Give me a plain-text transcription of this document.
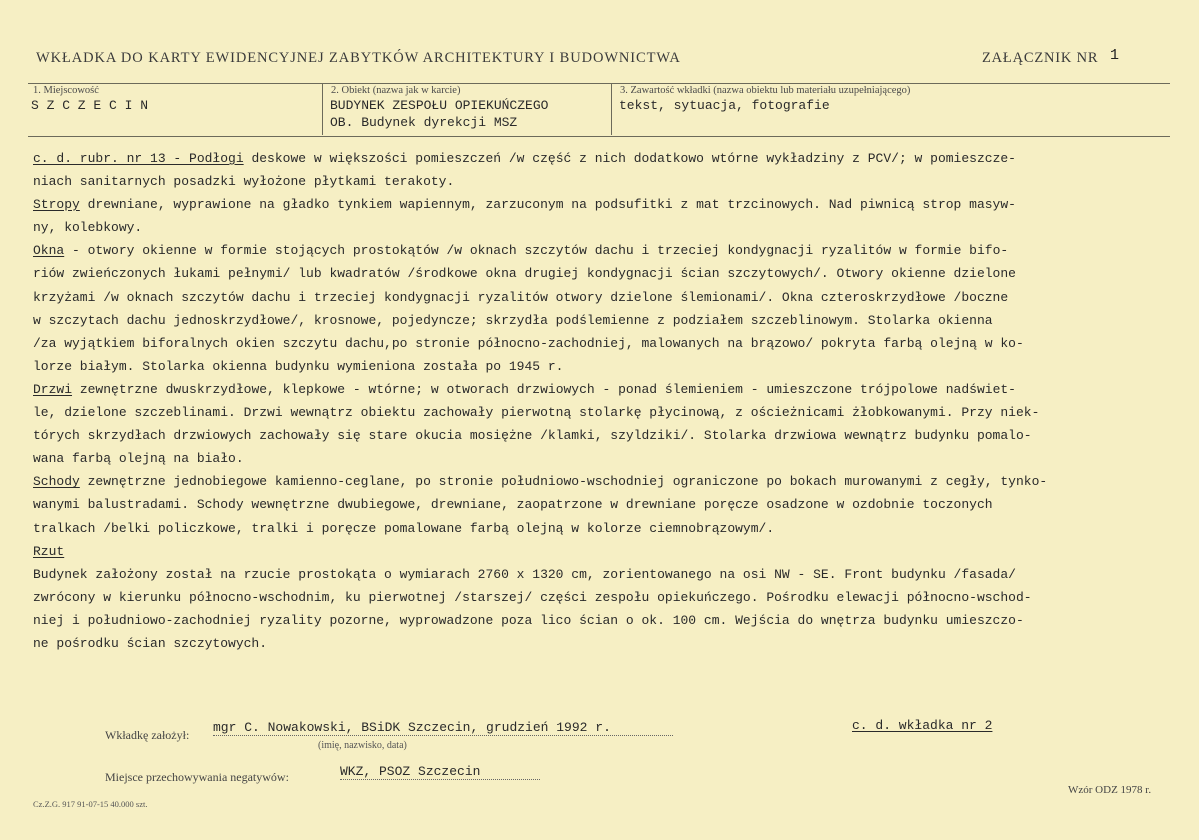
WKŁADKA DO KARTY EWIDENCYJNEJ ZABYTKÓW ARCHITEKTURY I BUDOWNICTWA	ZAŁĄCZNIK NR 1
1. Miejscowość
S Z C Z E C I N
2. Obiekt (nazwa jak w karcie)
BUDYNEK ZESPOŁU OPIEKUŃCZEGO
OB. Budynek dyrekcji MSZ
3. Zawartość wkładki (nazwa obiektu lub materiału uzupełniającego)
tekst, sytuacja, fotografie
c. d. rubr. nr 13 - Podłogi deskowe w większości pomieszczeń /w część z nich dodatkowo wtórne wykładziny z PCV/; w pomieszcze-
niach sanitarnych posadzki wyłożone płytkami terakoty.
Stropy drewniane, wyprawione na gładko tynkiem wapiennym, zarzuconym na podsufitki z mat trzcinowych. Nad piwnicą strop masyw-
ny, kolebkowy.
Okna - otwory okienne w formie stojących prostokątów /w oknach szczytów dachu i trzeciej kondygnacji ryzalitów w formie bifo-
riów zwieńczonych łukami pełnymi/ lub kwadratów /środkowe okna drugiej kondygnacji ścian szczytowych/. Otwory okienne dzielone
krzyżami /w oknach szczytów dachu i trzeciej kondygnacji ryzalitów otwory dzielone ślemionami/. Okna czteroskrzydłowe /boczne
w szczytach dachu jednoskrzydłowe/, krosnowe, pojedyncze; skrzydła podślemienne z podziałem szczeblinowym. Stolarka okienna
/za wyjątkiem biforalnych okien szczytu dachu,po stronie północno-zachodniej, malowanych na brązowo/ pokryta farbą olejną w ko-
lorze białym. Stolarka okienna budynku wymieniona została po 1945 r.
Drzwi zewnętrzne dwuskrzydłowe, klepkowe - wtórne; w otworach drzwiowych - ponad ślemieniem - umieszczone trójpolowe nadświet-
le, dzielone szczeblinami. Drzwi wewnątrz obiektu zachowały pierwotną stolarkę płycinową, z ościeżnicami żłobkowanymi. Przy niek-
tórych skrzydłach drzwiowych zachowały się stare okucia mosiężne /klamki, szyldziki/. Stolarka drzwiowa wewnątrz budynku pomalo-
wana farbą olejną na biało.
Schody zewnętrzne jednobiegowe kamienno-ceglane, po stronie południowo-wschodniej ograniczone po bokach murowanymi z cegły, tynko-
wanymi balustradami. Schody wewnętrzne dwubiegowe, drewniane, zaopatrzone w drewniane poręcze osadzone w ozdobnie toczonych
tralkach /belki policzkowe, tralki i poręcze pomalowane farbą olejną w kolorze ciemnobrązowym/.
Rzut
Budynek założony został na rzucie prostokąta o wymiarach 2760 x 1320 cm, zorientowanego na osi NW - SE. Front budynku /fasada/
zwrócony w kierunku północno-wschodnim, ku pierwotnej /starszej/ części zespołu opiekuńczego. Pośrodku elewacji północno-wschod-
niej i południowo-zachodniej ryzality pozorne, wyprowadzone poza lico ścian o ok. 100 cm. Wejścia do wnętrza budynku umieszczo-
ne pośrodku ścian szczytowych.
Wkładkę założył: mgr C. Nowakowski, BSiDK Szczecin, grudzień 1992 r.
(imię, nazwisko, data)
c. d. wkładka nr 2
Miejsce przechowywania negatywów:	WKZ, PSOZ Szczecin
Cz.Z.G. 917 91-07-15 40.000 szt.
Wzór ODZ 1978 r.
